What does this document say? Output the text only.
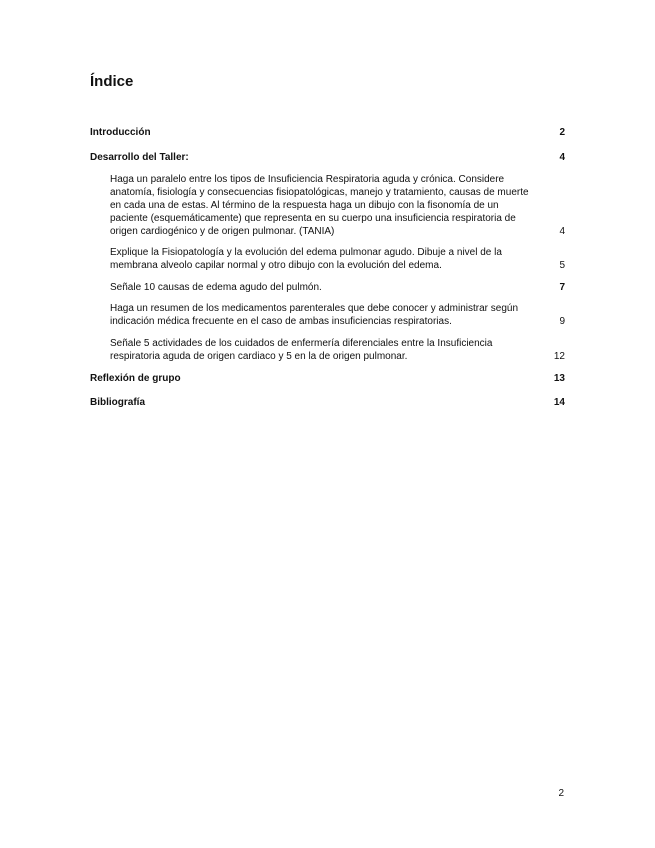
Índice
Introducción	2
Desarrollo del Taller:	4
Haga un paralelo entre los tipos de Insuficiencia Respiratoria aguda y crónica. Considere anatomía, fisiología y consecuencias fisiopatológicas, manejo y tratamiento, causas de muerte en cada una de estas. Al término de la respuesta haga un dibujo con la fisonomía de un paciente (esquemáticamente) que representa en su cuerpo una insuficiencia respiratoria de origen cardiogénico y de origen pulmonar. (TANIA)	4
Explique la Fisiopatología y la evolución del edema pulmonar agudo. Dibuje a nivel de la membrana alveolo capilar normal y otro dibujo con la evolución del edema.	5
Señale 10 causas de edema agudo del pulmón.	7
Haga un resumen de los medicamentos parenterales que debe conocer y administrar según indicación médica frecuente en el caso de ambas insuficiencias respiratorias.	9
Señale 5 actividades de los cuidados de enfermería diferenciales entre la Insuficiencia respiratoria aguda de origen cardiaco y 5 en la de origen pulmonar.	12
Reflexión de grupo	13
Bibliografía	14
2
